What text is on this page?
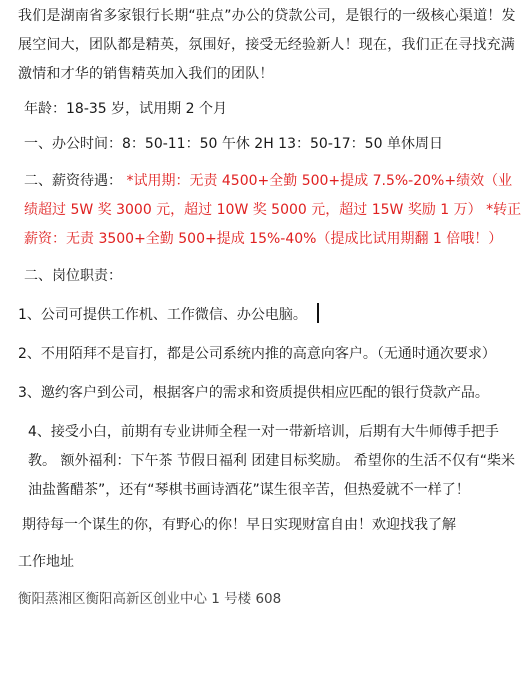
我们是湖南省多家银行长期“驻点”办公的贷款公司，是银行的一级核心渠道！发展空间大，团队都是精英，氛围好，接受无经验新人！现在，我们正在寻找充满激情和才华的销售精英加入我们的团队！

年龄：18-35 岁，试用期 2 个月

一、办公时间：8：50-11：50 午休 2H 13：50-17：50 单休周日

二、薪资待遇： *试用期：无责 4500+全勤 500+提成 7.5%-20%+绩效（业绩超过 5W 奖 3000 元，超过 10W 奖 5000 元，超过 15W 奖励 1 万） *转正薪资：无责 3500+全勤 500+提成 15%-40%（提成比试用期翻 1 倍哦！）

二、岗位职责：

1、公司可提供工作机、工作微信、办公电脑。

2、不用陌拜不是盲打，都是公司系统内推的高意向客户。（无通时通次要求）

3、邀约客户到公司，根据客户的需求和资质提供相应匹配的银行贷款产品。

4、接受小白，前期有专业讲师全程一对一带新培训，后期有大牛师傅手把手教。 额外福利：下午茶 节假日福利 团建目标奖励。 希望你的生活不仅有“柴米油盐酱醋茶”，还有“琴棋书画诗酒花”谋生很辛苦，但热爱就不一样了！

期待每一个谋生的你，有野心的你！早日实现财富自由！欢迎找我了解

工作地址

衡阳蒸湘区衡阳高新区创业中心 1 号楼 608
